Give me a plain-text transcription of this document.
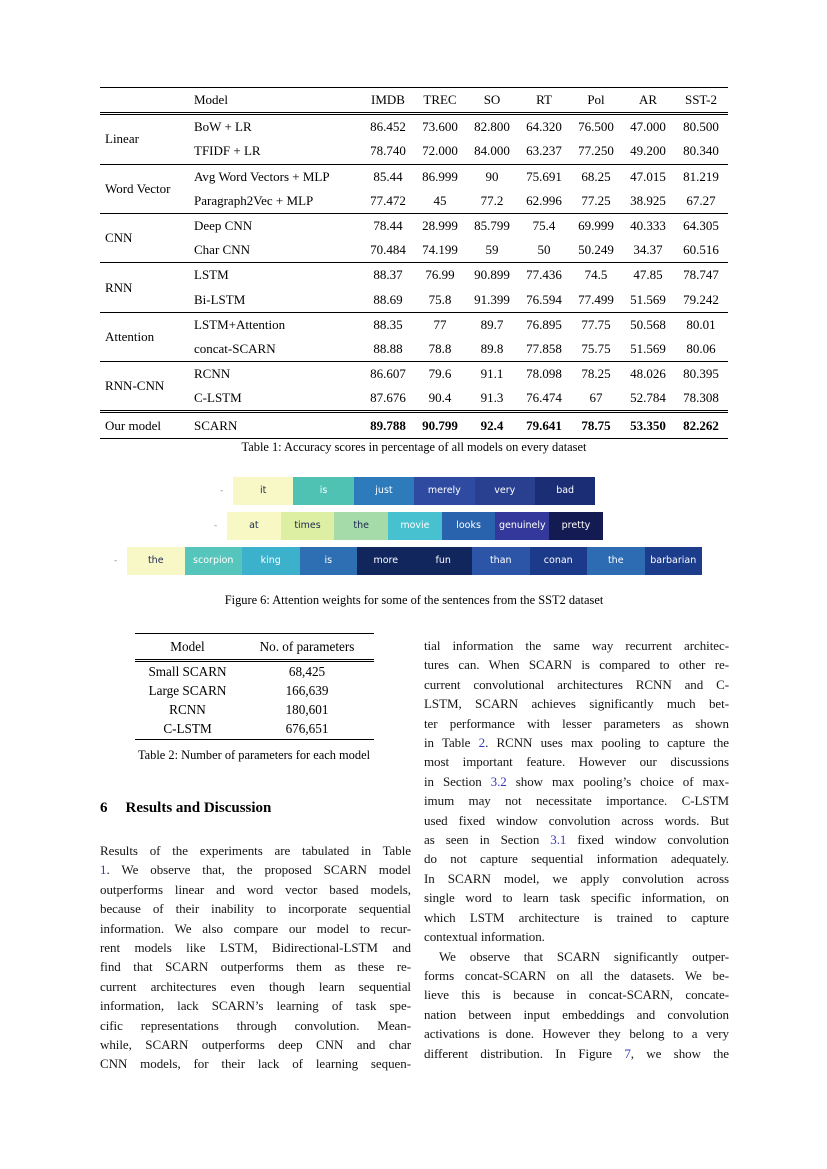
	Model	IMDB	TREC	SO	RT	Pol	AR	SST-2
Linear	BoW + LR	86.452	73.600	82.800	64.320	76.500	47.000	80.500
	TFIDF + LR	78.740	72.000	84.000	63.237	77.250	49.200	80.340
Word Vector	Avg Word Vectors + MLP	85.44	86.999	90	75.691	68.25	47.015	81.219
	Paragraph2Vec + MLP	77.472	45	77.2	62.996	77.25	38.925	67.27
CNN	Deep CNN	78.44	28.999	85.799	75.4	69.999	40.333	64.305
	Char CNN	70.484	74.199	59	50	50.249	34.37	60.516
RNN	LSTM	88.37	76.99	90.899	77.436	74.5	47.85	78.747
	Bi-LSTM	88.69	75.8	91.399	76.594	77.499	51.569	79.242
Attention	LSTM+Attention	88.35	77	89.7	76.895	77.75	50.568	80.01
	concat-SCARN	88.88	78.8	89.8	77.858	75.75	51.569	80.06
RNN-CNN	RCNN	86.607	79.6	91.1	78.098	78.25	48.026	80.395
	C-LSTM	87.676	90.4	91.3	76.474	67	52.784	78.308
Our model	SCARN	89.788	90.799	92.4	79.641	78.75	53.350	82.262
Table 1: Accuracy scores in percentage of all models on every dataset
-	it	is	just	merely	very	bad
-	at	times	the	movie	looks	genuinely	pretty
-	the	scorpion	king	is	more	fun	than	conan	the	barbarian
Figure 6: Attention weights for some of the sentences from the SST2 dataset
Model	No. of parameters
Small SCARN	68,425
Large SCARN	166,639
RCNN	180,601
C-LSTM	676,651
Table 2: Number of parameters for each model
6 Results and Discussion
Results of the experiments are tabulated in Table
1. We observe that, the proposed SCARN model
outperforms linear and word vector based models,
because of their inability to incorporate sequential
information. We also compare our model to recur-
rent models like LSTM, Bidirectional-LSTM and
find that SCARN outperforms them as these re-
current architectures even though learn sequential
information, lack SCARN’s learning of task spe-
cific representations through convolution. Mean-
while, SCARN outperforms deep CNN and char
CNN models, for their lack of learning sequen-
tial information the same way recurrent architec-
tures can. When SCARN is compared to other re-
current convolutional architectures RCNN and C-
LSTM, SCARN achieves significantly much bet-
ter performance with lesser parameters as shown
in Table 2. RCNN uses max pooling to capture the
most important feature. However our discussions
in Section 3.2 show max pooling’s choice of max-
imum may not necessitate importance. C-LSTM
used fixed window convolution across words. But
as seen in Section 3.1 fixed window convolution
do not capture sequential information adequately.
In SCARN model, we apply convolution across
single word to learn task specific information, on
which LSTM architecture is trained to capture
contextual information.
We observe that SCARN significantly outper-
forms concat-SCARN on all the datasets. We be-
lieve this is because in concat-SCARN, concate-
nation between input embeddings and convolution
activations is done. However they belong to a very
different distribution. In Figure 7, we show the
